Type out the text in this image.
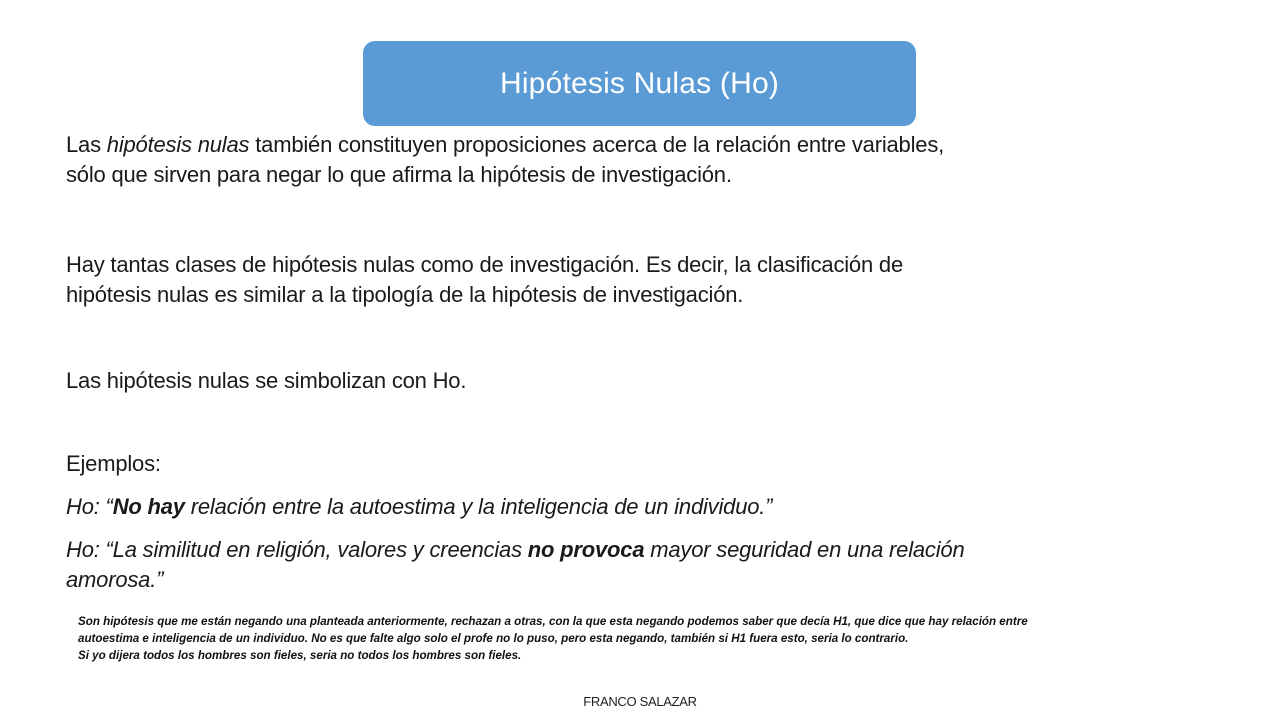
Hipótesis Nulas (Ho)

Las hipótesis nulas también constituyen proposiciones acerca de la relación entre variables,
sólo que sirven para negar lo que afirma la hipótesis de investigación.

Hay tantas clases de hipótesis nulas como de investigación. Es decir, la clasificación de
hipótesis nulas es similar a la tipología de la hipótesis de investigación.

Las hipótesis nulas se simbolizan con Ho.

Ejemplos:

Ho: “No hay relación entre la autoestima y la inteligencia de un individuo.”

Ho: “La similitud en religión, valores y creencias no provoca mayor seguridad en una relación
amorosa.”

Son hipótesis que me están negando una planteada anteriormente, rechazan a otras, con la que esta negando podemos saber que decía H1, que dice que hay relación entre
autoestima e inteligencia de un individuo. No es que falte algo solo el profe no lo puso, pero esta negando, también si H1 fuera esto, seria lo contrario.
Si yo dijera todos los hombres son fieles, seria no todos los hombres son fieles.
FRANCO SALAZAR
